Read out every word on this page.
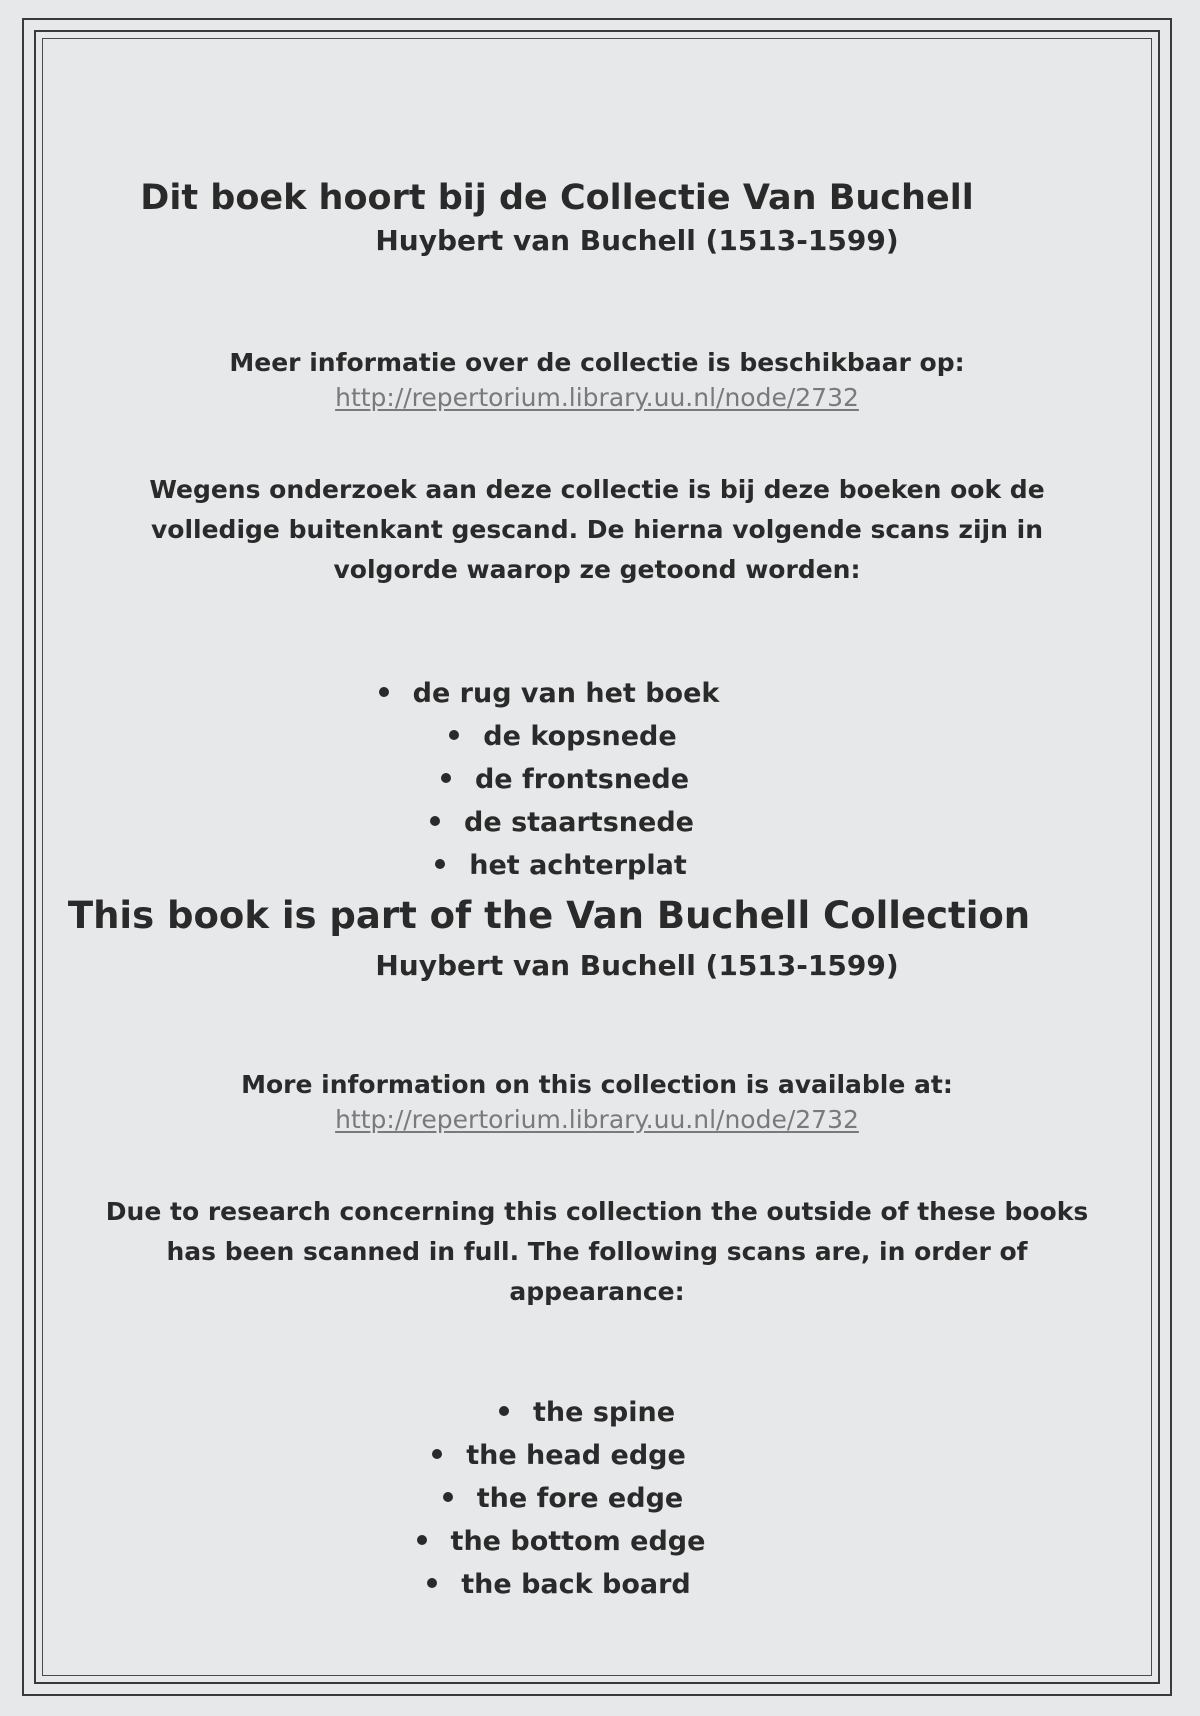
Dit boek hoort bij de Collectie Van Buchell

Huybert van Buchell (1513-1599)

Meer informatie over de collectie is beschikbaar op:

http://repertorium.library.uu.nl/node/2732

Wegens onderzoek aan deze collectie is bij deze boeken ook de volledige buitenkant gescand. De hierna volgende scans zijn in volgorde waarop ze getoond worden:

de rug van het boek
de kopsnede
de frontsnede
de staartsnede
het achterplat
This book is part of the Van Buchell Collection

Huybert van Buchell (1513-1599)

More information on this collection is available at:

http://repertorium.library.uu.nl/node/2732

Due to research concerning this collection the outside of these books has been scanned in full. The following scans are, in order of appearance:

the spine
the head edge
the fore edge
the bottom edge
the back board
